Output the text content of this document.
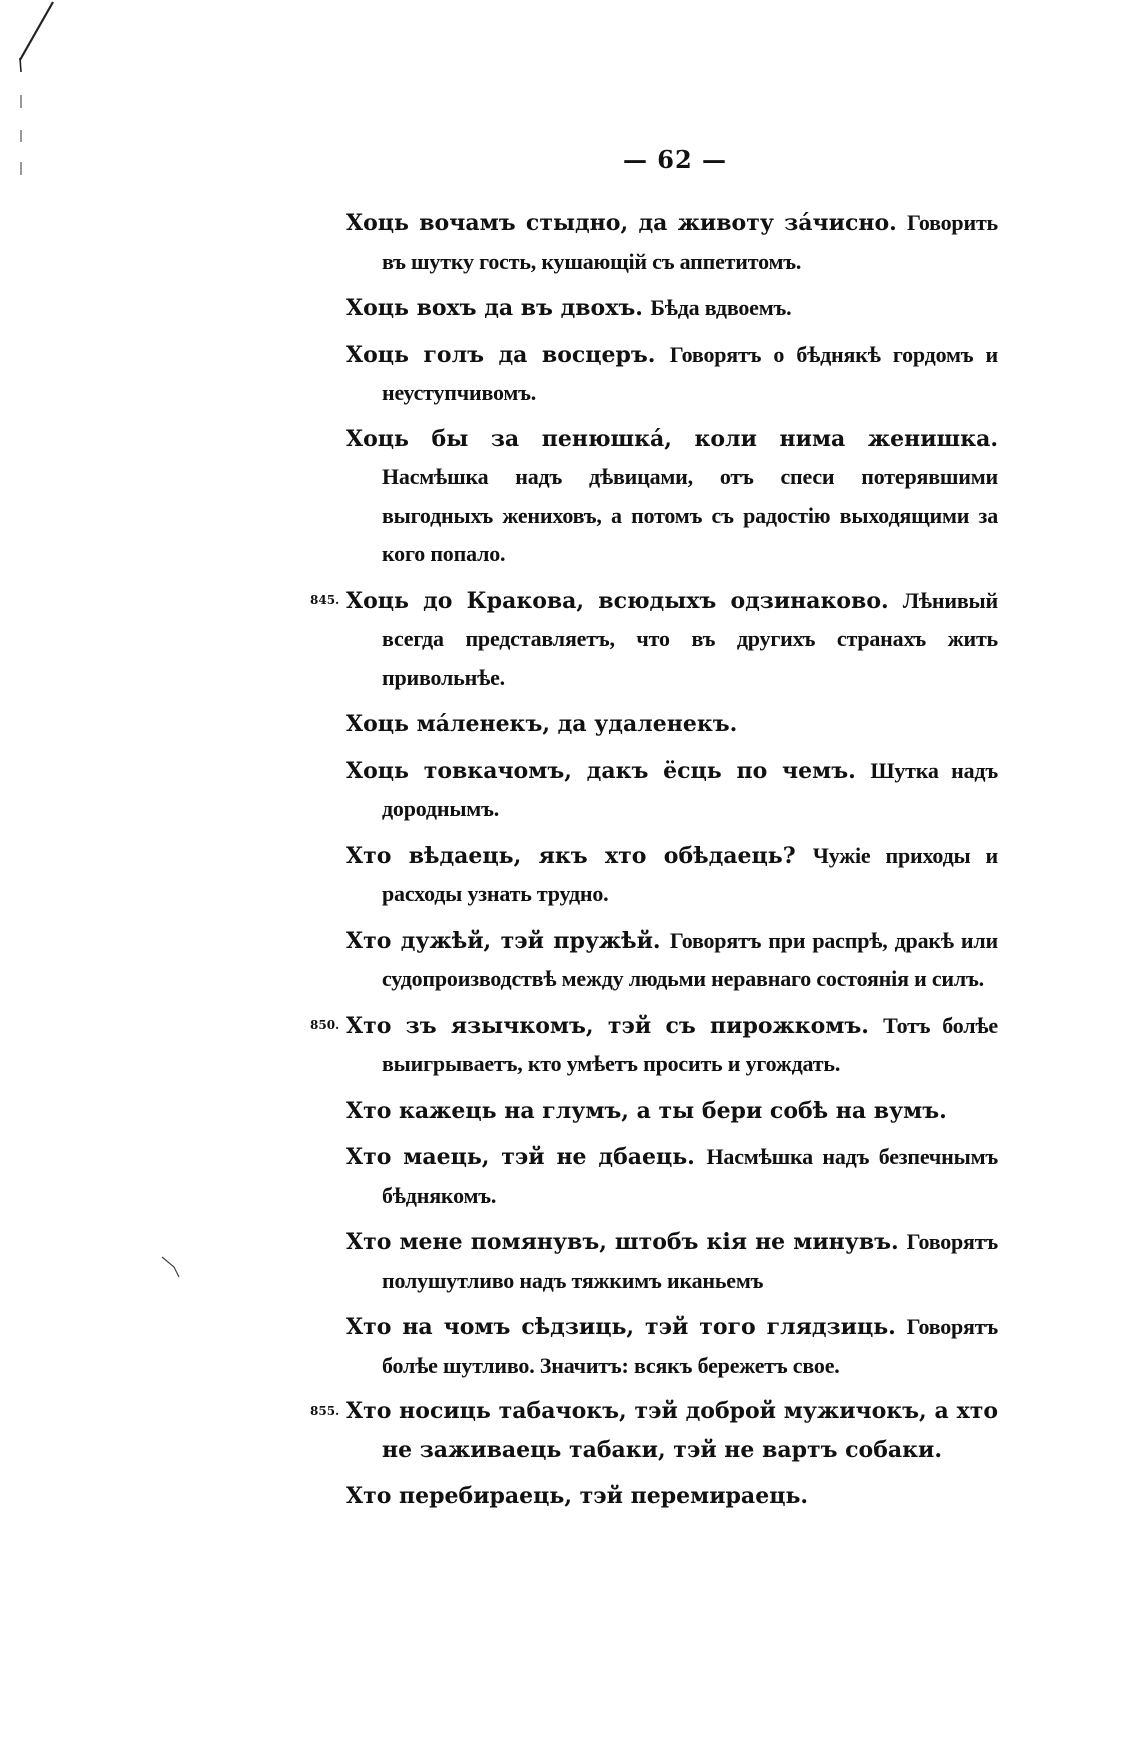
— 62 —
Хоць вочамъ стыдно, да животу зáчисно. Говорить въ шутку гость, кушающій съ аппетитомъ.
Хоць вохъ да въ двохъ. Бѣда вдвоемъ.
Хоць голъ да восцеръ. Говорятъ о бѣднякѣ гордомъ и неуступчивомъ.
Хоць бы за пенюшкá, коли нима женишка. Насмѣшка надъ дѣвицами, отъ спеси потерявшими выгодныхъ жениховъ, а потомъ съ радостію выходящими за кого попало.
845. Хоць до Кракова, всюдыхъ одзинаково. Лѣнивый всегда представляетъ, что въ другихъ странахъ жить привольнѣе.
Хоць мáленекъ, да удаленекъ.
Хоць товкачомъ, дакъ ёсць по чемъ. Шутка надъ дороднымъ.
Хто вѣдаець, якъ хто обѣдаець? Чужіе приходы и расходы узнать трудно.
Хто дужѣй, тэй пружѣй. Говорятъ при распрѣ, дракѣ или судопроизводствѣ между людьми неравнаго состоянія и силъ.
850. Хто зъ язычкомъ, тэй съ пирожкомъ. Тотъ болѣе выигрываетъ, кто умѣетъ просить и угождать.
Хто кажець на глумъ, а ты бери собѣ на вумъ.
Хто маець, тэй не дбаець. Насмѣшка надъ безпечнымъ бѣднякомъ.
Хто мене помянувъ, штобъ кія не минувъ. Говорятъ полушутливо надъ тяжкимъ иканьемъ
Хто на чомъ сѣдзиць, тэй того глядзиць. Говорятъ болѣе шутливо. Значитъ: всякъ бережетъ свое.
855. Хто носиць табачокъ, тэй доброй мужичокъ, а хто не заживаець табаки, тэй не вартъ собаки.
Хто перебираець, тэй перемираець.
